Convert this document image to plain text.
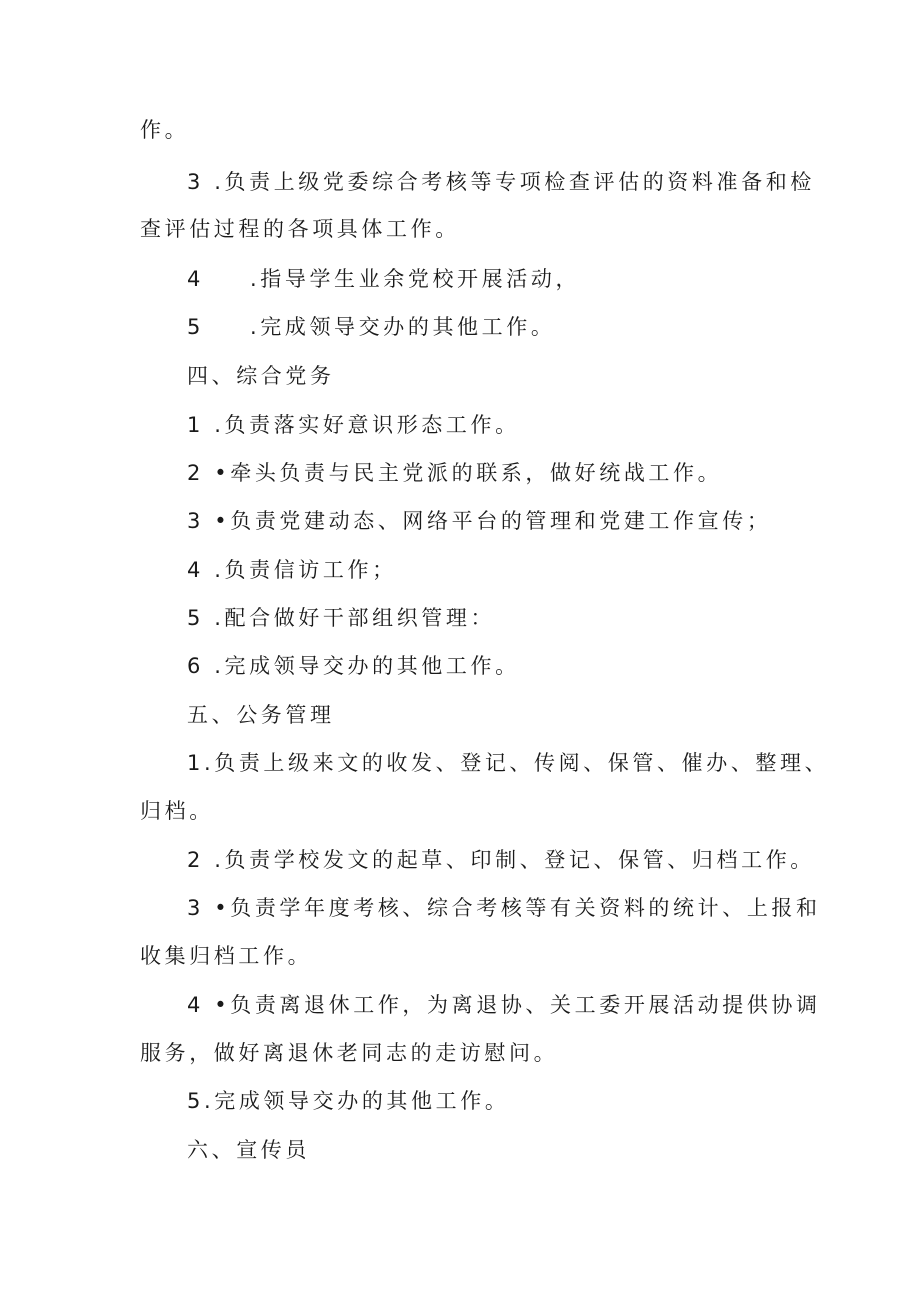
作。
3 .负责上级党委综合考核等专项检查评估的资料准备和检
查评估过程的各项具体工作。
4 .指导学生业余党校开展活动，
5 .完成领导交办的其他工作。
四、综合党务
1 .负责落实好意识形态工作。
2 •牵头负责与民主党派的联系，做好统战工作。
3 •负责党建动态、网络平台的管理和党建工作宣传；
4 .负责信访工作；
5 .配合做好干部组织管理：
6 .完成领导交办的其他工作。
五、公务管理
1.负责上级来文的收发、登记、传阅、保管、催办、整理、
归档。
2 .负责学校发文的起草、印制、登记、保管、归档工作。
3 •负责学年度考核、综合考核等有关资料的统计、上报和
收集归档工作。
4 •负责离退休工作，为离退协、关工委开展活动提供协调
服务，做好离退休老同志的走访慰问。
5.完成领导交办的其他工作。
六、宣传员
